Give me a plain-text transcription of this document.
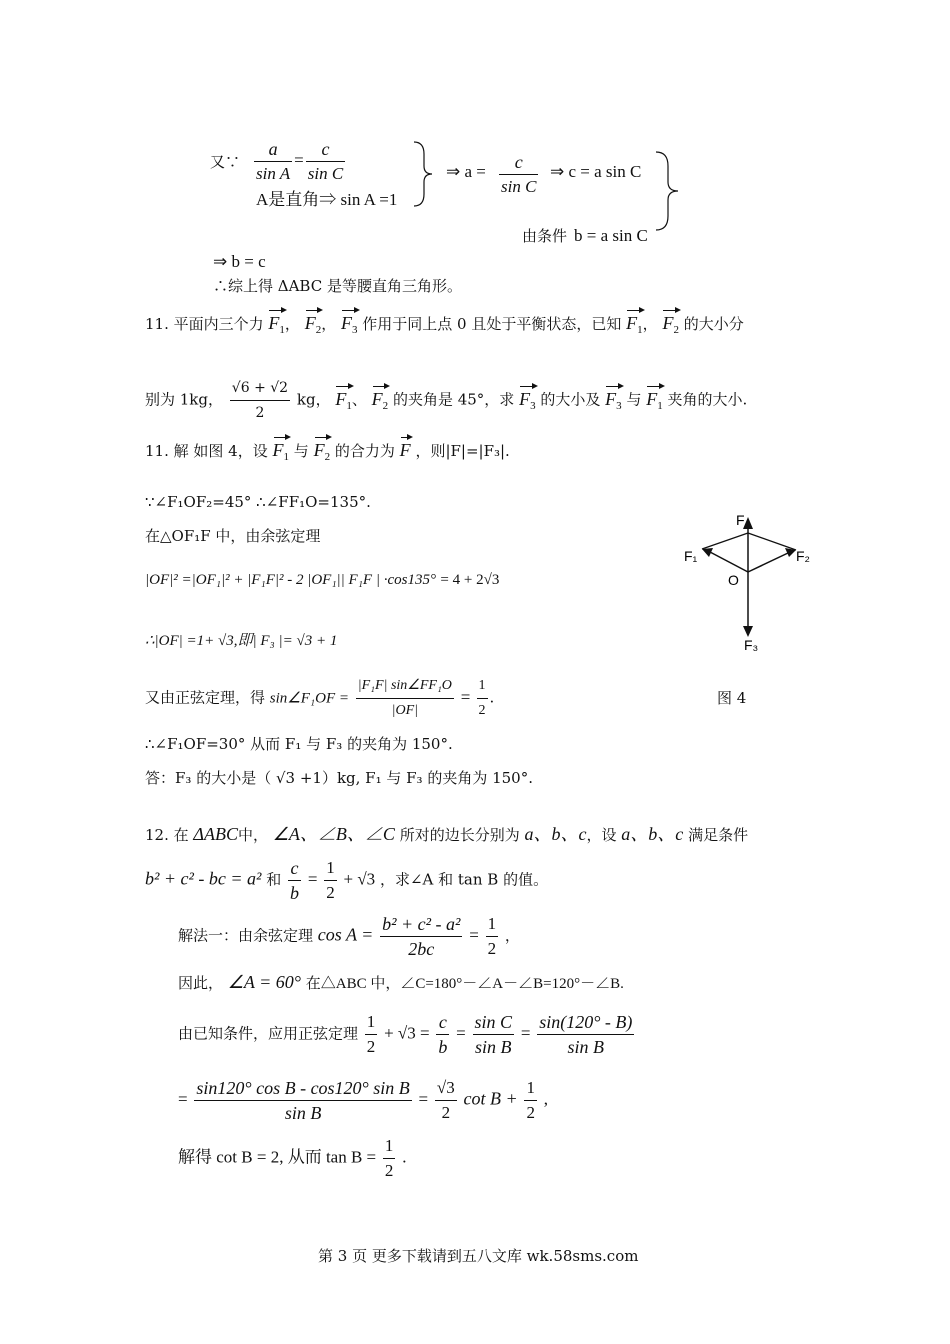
又∵ $\frac{a}{\text{sin A}} = \frac{c}{\text{sin C}}$
A是直角⇒ sin A =1
⇒ $a = \frac{c}{\text{sin C}}$ ⇒ c = a sin C
由条件 b = a sin C
⇒ b = c
∴综上得 ΔABC 是等腰直角三角形。
11. 平面内三个力 $F_1$， $F_2$， $F_3$ 作用于同上点 0 且处于平衡状态，已知 $F_1$， $F_2$ 的大小分
别为 1kg， $\frac{√6 + √2}{2}$ kg， $F_1$、 $F_2$ 的夹角是 45°，求 $F_3$ 的大小及 $F_3$ 与 $F_1$ 夹角的大小.
11. 解 如图 4，设 $F_1$ 与 $F_2$ 的合力为 F ，则|F|=|F₃|.
∵∠F₁OF₂=45° ∴∠FF₁O=135°.
在△OF₁F 中，由余弦定理
|OF|² =|OF₁|² + |F₁F|² - 2 |OF₁|| F₁F | ·cos135° = 4 + 2√3
∴|OF| =1+ √3,即| F₃ |= √3 + 1
又由正弦定理，得 sin∠F₁OF = $\frac{\text{|F₁F| sin∠FF₁O}}{|OF|} = \frac{1}{2}$ .
∴∠F₁OF=30° 从而 F₁ 与 F₃ 的夹角为 150°.
答：F₃ 的大小是（ √3 +1）kg, F₁ 与 F₃ 的夹角为 150°.
F
F₁	F₂
O
F₃
图 4
12. 在 ΔABC中， ∠A、∠B、∠C 所对的边长分别为 a、b、c，设 a、b、c 满足条件
b² + c² - bc = a² 和 $\frac{c}{b} = \frac{1}{2} + √3$ ，求∠A 和 tan B 的值。
解法一：由余弦定理 $\cos A = \frac{\text{b² + c² - a²}}{2bc} = \frac{1}{2}$ ，
因此， ∠A = 60° 在△ABC 中，∠C=180°－∠A－∠B=120°－∠B.
由已知条件，应用正弦定理 $\frac{1}{2} + √3 = \frac{c}{b} = \frac{\text{sin C}}{\text{sin B}} = \frac{\sin(120^\circ - B)}{\text{sin B}}$
= $\frac{\text{sin120° cos B - cos120° sin B}}{\text{sin B}} = \frac{√3}{2}$ $\cot B + \frac{1}{2}$ ,
解得 cot B = 2, 从而 $\tan B = \frac{1}{2}$ .
第 3 页 更多下载请到五八文库 wk.58sms.com
